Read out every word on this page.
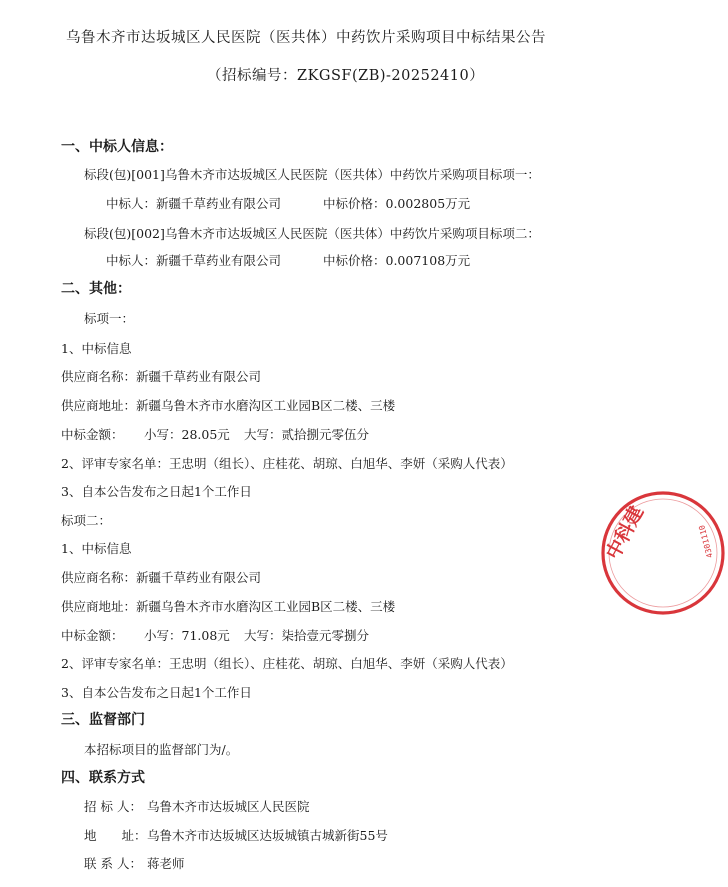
乌鲁木齐市达坂城区人民医院（医共体）中药饮片采购项目中标结果公告
（招标编号：ZKGSF(ZB)-20252410）
一、中标人信息：
标段(包)[001]乌鲁木齐市达坂城区人民医院（医共体）中药饮片采购项目标项一：
中标人：新疆千草药业有限公司	中标价格：0.002805万元
标段(包)[002]乌鲁木齐市达坂城区人民医院（医共体）中药饮片采购项目标项二：
中标人：新疆千草药业有限公司	中标价格：0.007108万元
二、其他：
标项一：
1、中标信息
供应商名称：新疆千草药业有限公司
供应商地址：新疆乌鲁木齐市水磨沟区工业园B区二楼、三楼
中标金额： 小写：28.05元 大写：贰拾捌元零伍分
2、评审专家名单：王忠明（组长）、庄桂花、胡琼、白旭华、李妍（采购人代表）
3、自本公告发布之日起1个工作日
标项二：
1、中标信息
供应商名称：新疆千草药业有限公司
供应商地址：新疆乌鲁木齐市水磨沟区工业园B区二楼、三楼
中标金额： 小写：71.08元 大写：柒拾壹元零捌分
2、评审专家名单：王忠明（组长）、庄桂花、胡琼、白旭华、李妍（采购人代表）
3、自本公告发布之日起1个工作日
三、监督部门
本招标项目的监督部门为/。
四、联系方式
招 标 人： 乌鲁木齐市达坂城区人民医院
地　　址： 乌鲁木齐市达坂城区达坂城镇古城新街55号
联 系 人： 蒋老师
中科建	4301110
